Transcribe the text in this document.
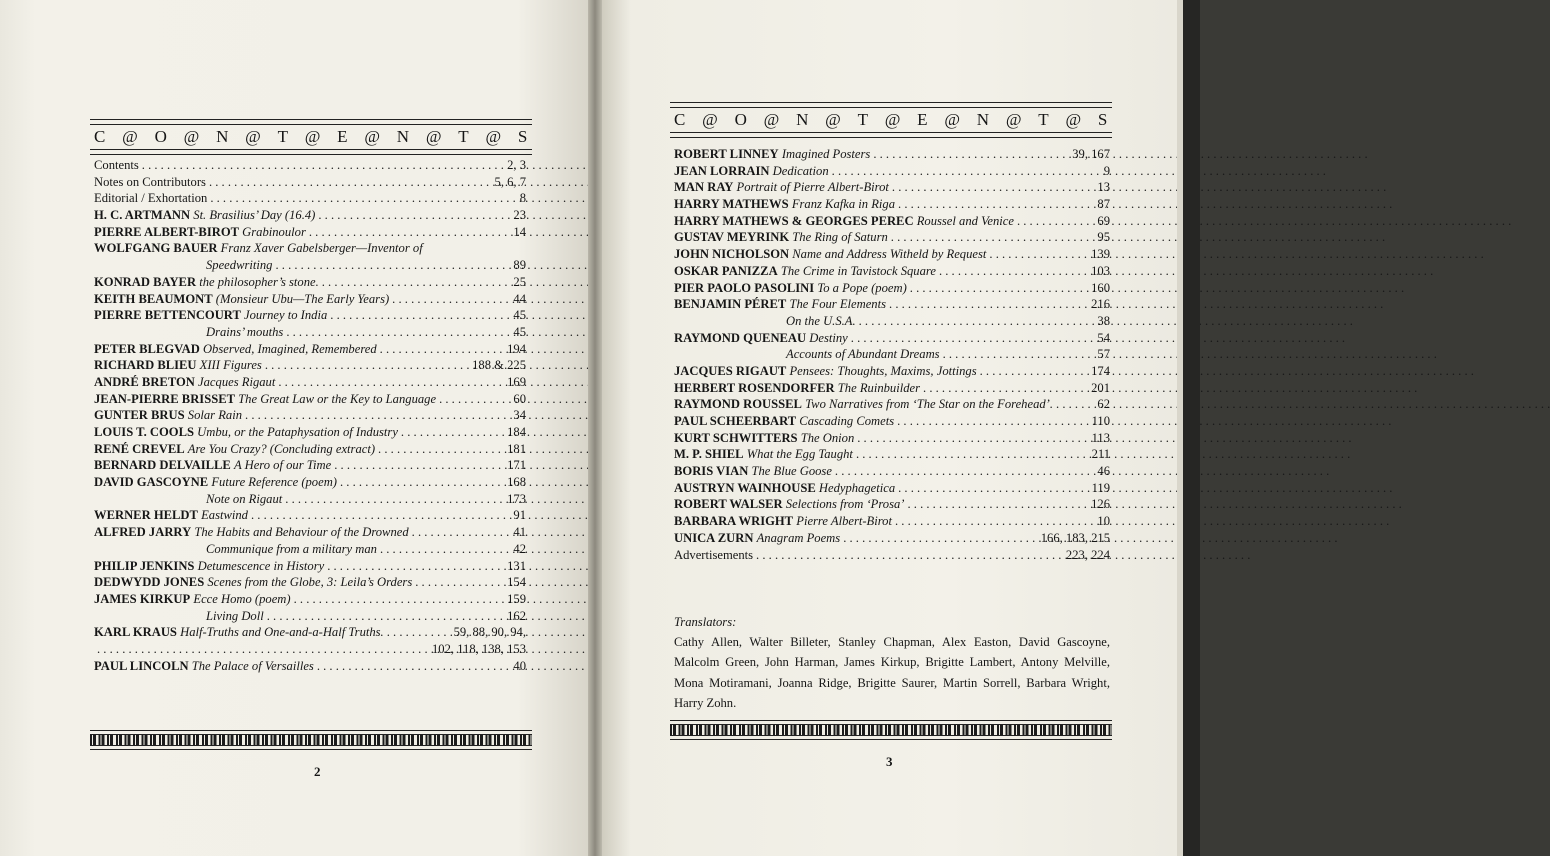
C @ O @ N @ T @ E @ N @ T @ S
Contents . . .	2, 3
Notes on Contributors . . .	5, 6, 7
Editorial / Exhortation . . .	8
H. C. ARTMANN St. Brasilius’ Day (16.4) . . .	23
PIERRE ALBERT-BIROT Grabinoulor . . .	14
WOLFGANG BAUER Franz Xaver Gabelsberger—Inventor of
Speedwriting . . .	89
KONRAD BAYER the philosopher’s stone. . . .	25
KEITH BEAUMONT (Monsieur Ubu—The Early Years) . . .	44
PIERRE BETTENCOURT Journey to India . . .	45
Drains’ mouths . . .	45
PETER BLEGVAD Observed, Imagined, Remembered . . .	194
RICHARD BLIEU XIII Figures . . .	188 & 225
ANDRÉ BRETON Jacques Rigaut . . .	169
JEAN-PIERRE BRISSET The Great Law or the Key to Language . . .	60
GUNTER BRUS Solar Rain . . .	34
LOUIS T. COOLS Umbu, or the Pataphysation of Industry . . .	184
RENÉ CREVEL Are You Crazy? (Concluding extract) . . .	181
BERNARD DELVAILLE A Hero of our Time . . .	171
DAVID GASCOYNE Future Reference (poem) . . .	168
Note on Rigaut . . .	173
WERNER HELDT Eastwind . . .	91
ALFRED JARRY The Habits and Behaviour of the Drowned . . .	41
Communique from a military man . . .	42
PHILIP JENKINS Detumescence in History . . .	131
DEDWYDD JONES Scenes from the Globe, 3: Leila’s Orders . . .	154
JAMES KIRKUP Ecce Homo (poem) . . .	159
Living Doll . . .	162
KARL KRAUS Half-Truths and One-and-a-Half Truths. . . .	59, 88, 90, 94,
. . .
102, 118, 138, 153
PAUL LINCOLN The Palace of Versailles . . .	40
2
C @ O @ N @ T @ E @ N @ T @ S
ROBERT LINNEY Imagined Posters . . .	39, 167
JEAN LORRAIN Dedication . . .	9
MAN RAY Portrait of Pierre Albert-Birot . . .	13
HARRY MATHEWS Franz Kafka in Riga . . .	87
HARRY MATHEWS & GEORGES PEREC Roussel and Venice . . .	69
GUSTAV MEYRINK The Ring of Saturn . . .	95
JOHN NICHOLSON Name and Address Witheld by Request . . .	139
OSKAR PANIZZA The Crime in Tavistock Square . . .	103
PIER PAOLO PASOLINI To a Pope (poem) . . .	160
BENJAMIN PÉRET The Four Elements . . .	216
On the U.S.A. . . .	38
RAYMOND QUENEAU Destiny . . .	54
Accounts of Abundant Dreams . . .	57
JACQUES RIGAUT Pensees: Thoughts, Maxims, Jottings . . .	174
HERBERT ROSENDORFER The Ruinbuilder . . .	201
RAYMOND ROUSSEL Two Narratives from ‘The Star on the Forehead’. . . .	62
PAUL SCHEERBART Cascading Comets . . .	110
KURT SCHWITTERS The Onion . . .	113
M. P. SHIEL What the Egg Taught . . .	211
BORIS VIAN The Blue Goose . . .	46
AUSTRYN WAINHOUSE Hedyphagetica . . .	119
ROBERT WALSER Selections from ‘Prosa’ . . .	126
BARBARA WRIGHT Pierre Albert-Birot . . .	10
UNICA ZURN Anagram Poems . . .	166, 183, 215
Advertisements . . .	223, 224
Translators:
Cathy Allen, Walter Billeter, Stanley Chapman, Alex Easton, David Gascoyne, Malcolm Green, John Harman, James Kirkup, Brigitte Lambert, Antony Melville, Mona Motiramani, Joanna Ridge, Brigitte Saurer, Martin Sorrell, Barbara Wright, Harry Zohn.
3
